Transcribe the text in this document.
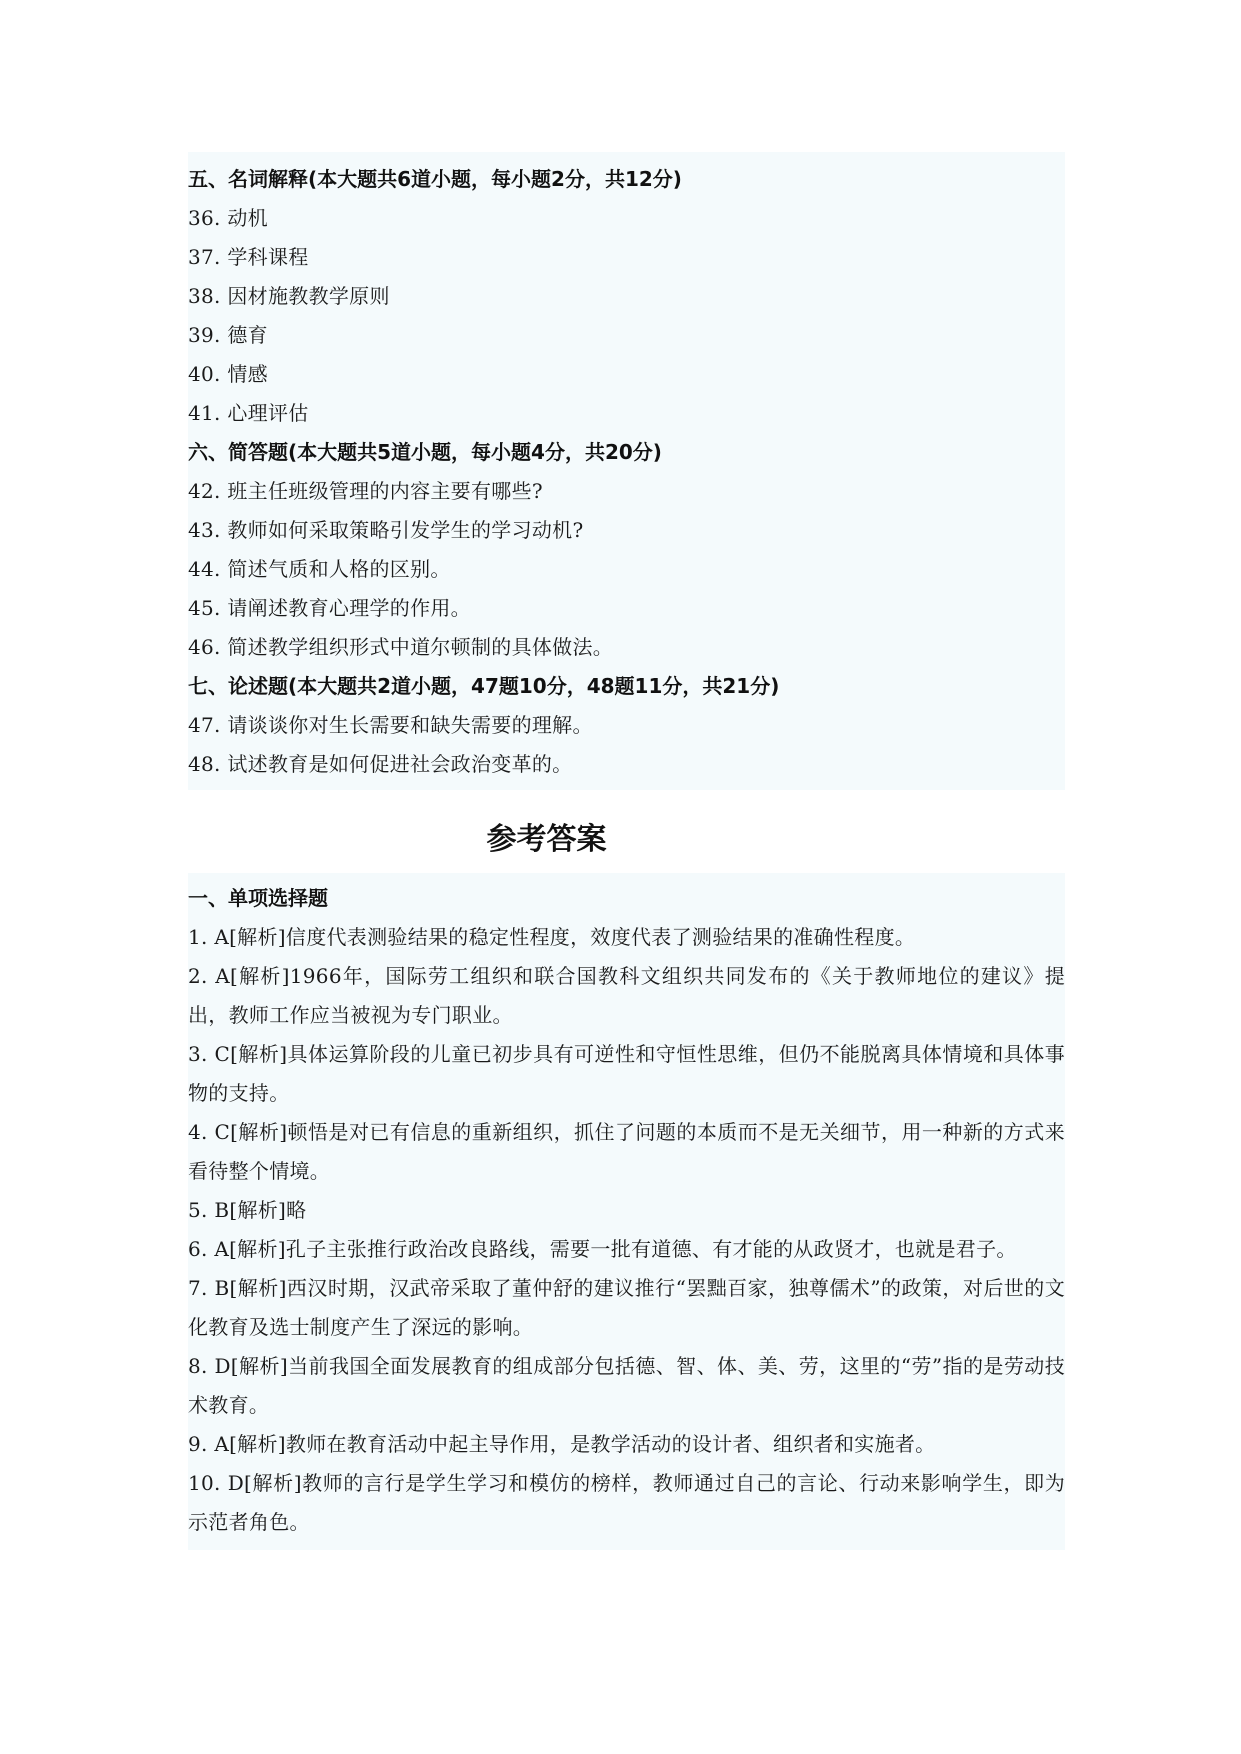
五、名词解释(本大题共6道小题，每小题2分，共12分)
36. 动机
37. 学科课程
38. 因材施教教学原则
39. 德育
40. 情感
41. 心理评估
六、简答题(本大题共5道小题，每小题4分，共20分)
42. 班主任班级管理的内容主要有哪些?
43. 教师如何采取策略引发学生的学习动机?
44. 简述气质和人格的区别。
45. 请阐述教育心理学的作用。
46. 简述教学组织形式中道尔顿制的具体做法。
七、论述题(本大题共2道小题，47题10分，48题11分，共21分)
47. 请谈谈你对生长需要和缺失需要的理解。
48. 试述教育是如何促进社会政治变革的。
参考答案
一、单项选择题
1. A[解析]信度代表测验结果的稳定性程度，效度代表了测验结果的准确性程度。
2. A[解析]1966年，国际劳工组织和联合国教科文组织共同发布的《关于教师地位的建议》提出，教师工作应当被视为专门职业。
3. C[解析]具体运算阶段的儿童已初步具有可逆性和守恒性思维，但仍不能脱离具体情境和具体事物的支持。
4. C[解析]顿悟是对已有信息的重新组织，抓住了问题的本质而不是无关细节，用一种新的方式来看待整个情境。
5. B[解析]略
6. A[解析]孔子主张推行政治改良路线，需要一批有道德、有才能的从政贤才，也就是君子。
7. B[解析]西汉时期，汉武帝采取了董仲舒的建议推行“罢黜百家，独尊儒术”的政策，对后世的文化教育及选士制度产生了深远的影响。
8. D[解析]当前我国全面发展教育的组成部分包括德、智、体、美、劳，这里的“劳”指的是劳动技术教育。
9. A[解析]教师在教育活动中起主导作用，是教学活动的设计者、组织者和实施者。
10. D[解析]教师的言行是学生学习和模仿的榜样，教师通过自己的言论、行动来影响学生，即为示范者角色。
